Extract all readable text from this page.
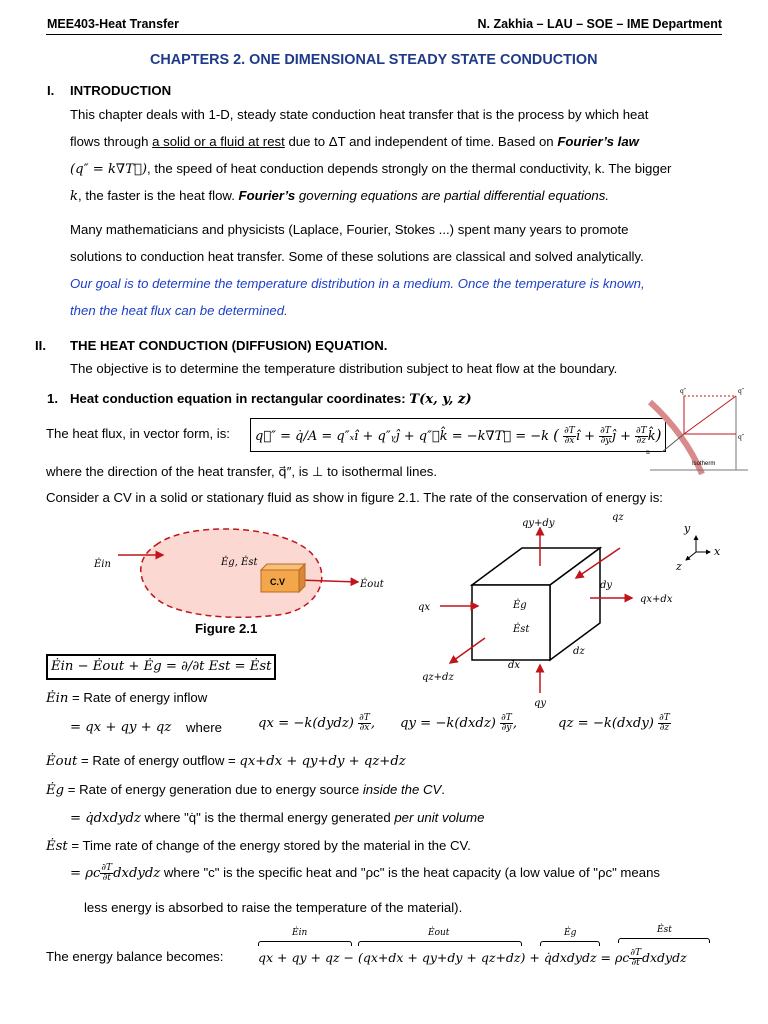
MEE403-Heat Transfer	N. Zakhia – LAU – SOE – IME Department
CHAPTERS 2. ONE DIMENSIONAL STEADY STATE CONDUCTION
I. INTRODUCTION
This chapter deals with 1-D, steady state conduction heat transfer that is the process by which heat
flows through a solid or a fluid at rest due to ΔT and independent of time. Based on Fourier’s law
(q″ = k∇T⃗), the speed of heat conduction depends strongly on the thermal conductivity, k. The bigger
k, the faster is the heat flow. Fourier’s governing equations are partial differential equations.
Many mathematicians and physicists (Laplace, Fourier, Stokes ...) spent many years to promote
solutions to conduction heat transfer. Some of these solutions are classical and solved analytically.
Our goal is to determine the temperature distribution in a medium. Once the temperature is known,
then the heat flux can be determined.
II. THE HEAT CONDUCTION (DIFFUSION) EQUATION.
The objective is to determine the temperature distribution subject to heat flow at the boundary.
1. Heat conduction equation in rectangular coordinates: T(x, y, z)
The heat flux, in vector form, is:	q⃗″ = q̇/A = q″ₓî + q″ᵧĵ + q″𝓏k̂ = −k∇T⃗ = −k ( $\frac{\partial T}{\partial x}$ î + $\frac{\partial T}{\partial y}$ ĵ + $\frac{\partial T}{\partial z}$ k̂)
q″	q″
q″
n
Isotherm
where the direction of the heat transfer, q⃗″, is ⊥ to isothermal lines.
Consider a CV in a solid or stationary fluid as show in figure 2.1. The rate of the conservation of energy is:
C.V
Ėin	Ėg, Ėst
Ėout
Figure 2.1
qy+dy
qz
qx
qx+dx
Ėg
Ėst
dy
dx
dz
qz+dz
qy
y
x
z
Ėin − Ėout + Ėg = ∂/∂t Est = Ėst
Ėin = Rate of energy inflow
= qx + qy + qz where	qx = −k(dydz) $\frac{\partial T}{\partial x}$ , qy = −k(dxdz) $\frac{\partial T}{\partial y}$ ,	qz = −k(dxdy) $\frac{\partial T}{\partial z}$
Ėout = Rate of energy outflow = qx+dx + qy+dy + qz+dz
Ėg = Rate of energy generation due to energy source inside the CV.
= q̇dxdydz where "q̇" is the thermal energy generated per unit volume
Ėst = Time rate of change of the energy stored by the material in the CV.
= ρc $\frac{\partial T}{\partial t}$ dxdydz where "c" is the specific heat and "ρc" is the heat capacity (a low value of "ρc" means
less energy is absorbed to raise the temperature of the material).
The energy balance becomes:
Ėin	Ėout	Ėg	Ėst
qx + qy + qz − (qx+dx + qy+dy + qz+dz) + q̇dxdydz = ρc $\frac{\partial T}{\partial t}$ dxdydz
